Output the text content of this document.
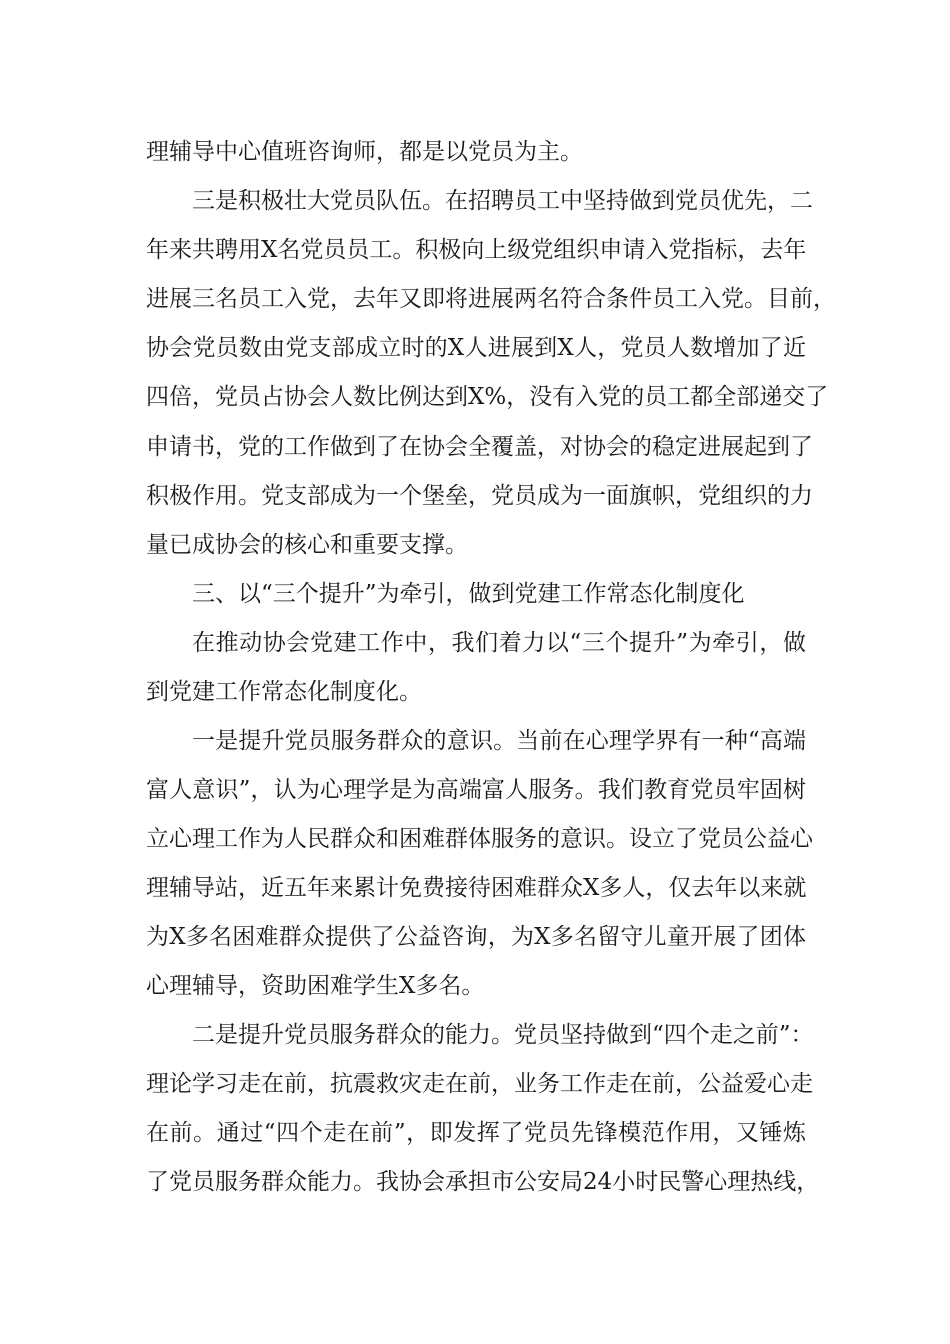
理辅导中心值班咨询师，都是以党员为主。
三是积极壮大党员队伍。在招聘员工中坚持做到党员优先，二
年来共聘用X名党员员工。积极向上级党组织申请入党指标，去年
进展三名员工入党，去年又即将进展两名符合条件员工入党。目前，
协会党员数由党支部成立时的X人进展到X人，党员人数增加了近
四倍，党员占协会人数比例达到X%，没有入党的员工都全部递交了
申请书，党的工作做到了在协会全覆盖，对协会的稳定进展起到了
积极作用。党支部成为一个堡垒，党员成为一面旗帜，党组织的力
量已成协会的核心和重要支撑。
三、以“三个提升”为牵引，做到党建工作常态化制度化
在推动协会党建工作中，我们着力以“三个提升”为牵引，做
到党建工作常态化制度化。
一是提升党员服务群众的意识。当前在心理学界有一种“高端
富人意识”，认为心理学是为高端富人服务。我们教育党员牢固树
立心理工作为人民群众和困难群体服务的意识。设立了党员公益心
理辅导站，近五年来累计免费接待困难群众X多人，仅去年以来就
为X多名困难群众提供了公益咨询，为X多名留守儿童开展了团体
心理辅导，资助困难学生X多名。
二是提升党员服务群众的能力。党员坚持做到“四个走之前”：
理论学习走在前，抗震救灾走在前，业务工作走在前，公益爱心走
在前。通过“四个走在前”，即发挥了党员先锋模范作用，又锤炼
了党员服务群众能力。我协会承担市公安局24小时民警心理热线，
